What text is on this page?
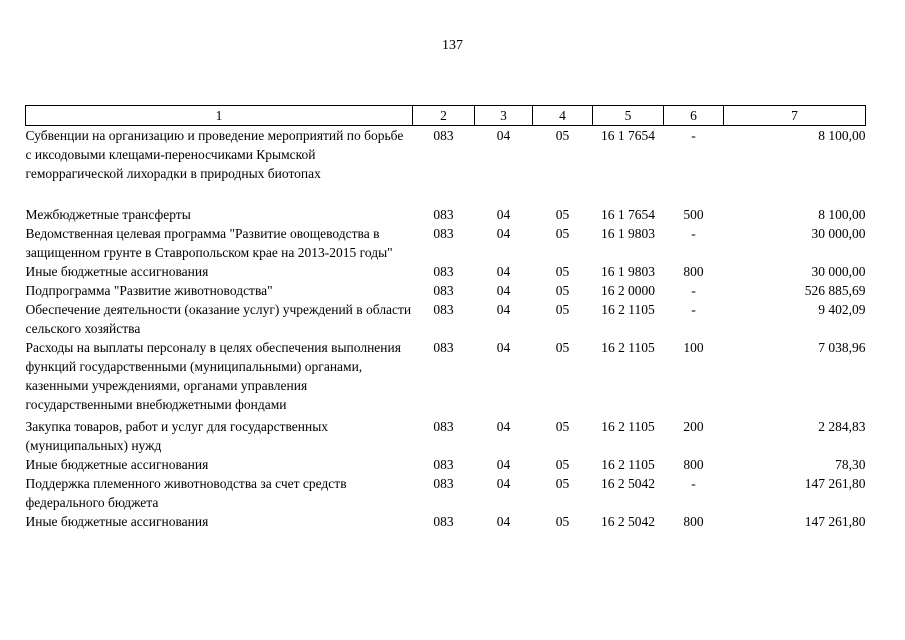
137
1	2	3	4	5	6	7
Субвенции на организацию и проведение мероприятий по борьбе с иксодовыми клещами-переносчиками Крымской геморрагической лихорадки в природных биотопах	083	04	05	16 1 7654	-	8 100,00
Межбюджетные трансферты	083	04	05	16 1 7654	500	8 100,00
Ведомственная целевая программа "Развитие овощеводства в защищенном грунте в Ставропольском крае на 2013-2015 годы"	083	04	05	16 1 9803	-	30 000,00
Иные бюджетные ассигнования	083	04	05	16 1 9803	800	30 000,00
Подпрограмма "Развитие животноводства"	083	04	05	16 2 0000	-	526 885,69
Обеспечение деятельности (оказание услуг) учреждений в области сельского хозяйства	083	04	05	16 2 1105	-	9 402,09
Расходы на выплаты персоналу в целях обеспечения выполнения функций государственными (муниципальными) органами, казенными учреждениями, органами управления государственными внебюджетными фондами	083	04	05	16 2 1105	100	7 038,96
Закупка товаров, работ и услуг для государственных (муниципальных) нужд	083	04	05	16 2 1105	200	2 284,83
Иные бюджетные ассигнования	083	04	05	16 2 1105	800	78,30
Поддержка племенного животноводства за счет средств федерального бюджета	083	04	05	16 2 5042	-	147 261,80
Иные бюджетные ассигнования	083	04	05	16 2 5042	800	147 261,80
